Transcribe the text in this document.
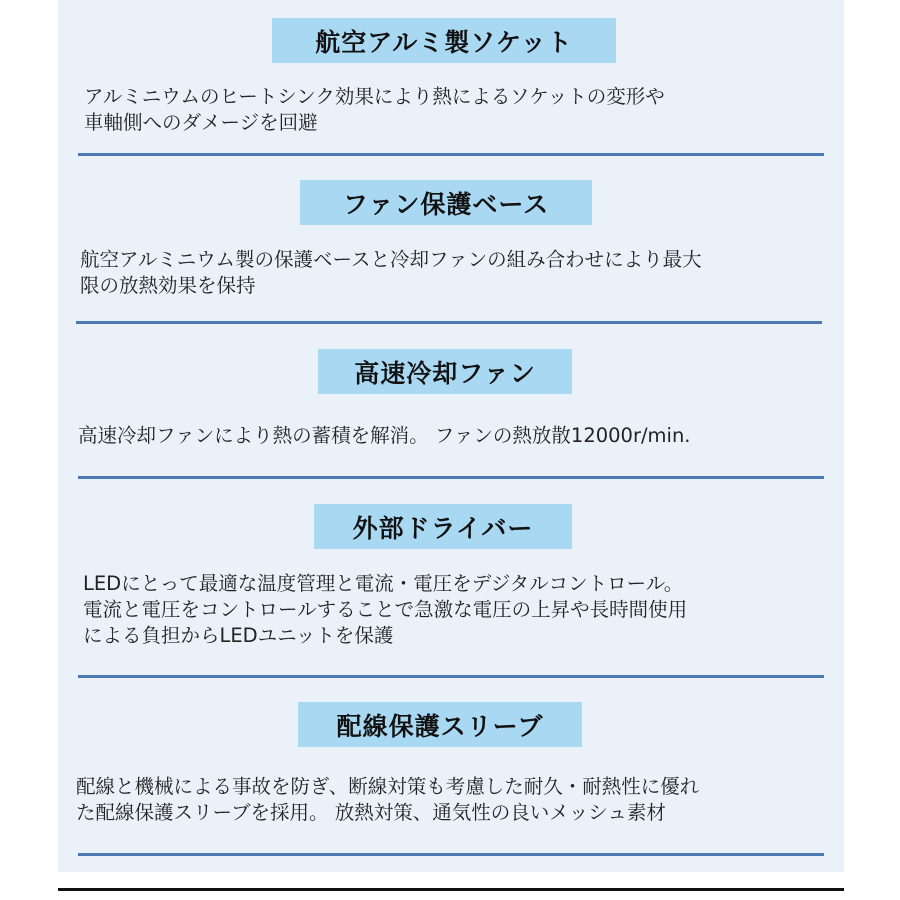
航空アルミ製ソケット
アルミニウムのヒートシンク効果により熱によるソケットの変形や
車軸側へのダメージを回避
ファン保護ベース
航空アルミニウム製の保護ベースと冷却ファンの組み合わせにより最大
限の放熱効果を保持
高速冷却ファン
高速冷却ファンにより熱の蓄積を解消。 ファンの熱放散12000r/min.
外部ドライバー
LEDにとって最適な温度管理と電流・電圧をデジタルコントロール。
電流と電圧をコントロールすることで急激な電圧の上昇や長時間使用
による負担からLEDユニットを保護
配線保護スリーブ
配線と機械による事故を防ぎ、断線対策も考慮した耐久・耐熱性に優れ
た配線保護スリーブを採用。 放熱対策、通気性の良いメッシュ素材
